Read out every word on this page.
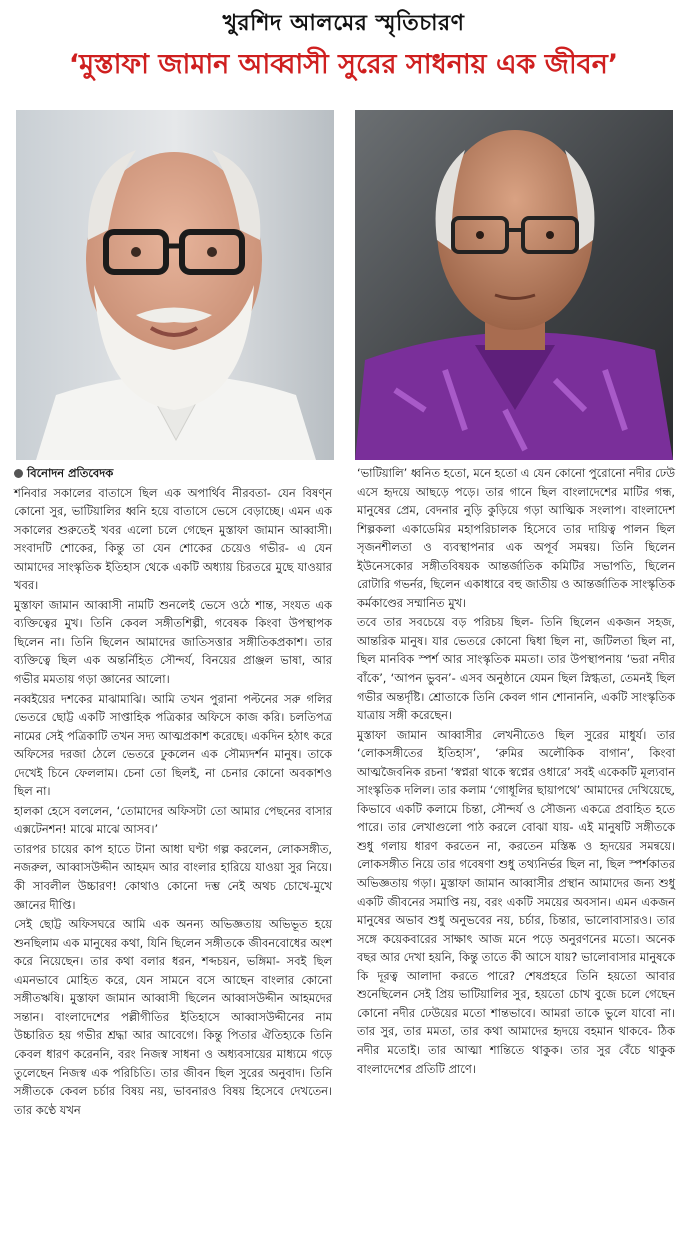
খুরশিদ আলমের স্মৃতিচারণ
‘মুস্তাফা জামান আব্বাসী সুরের সাধনায় এক জীবন’

বিনোদন প্রতিবেদক

শনিবার সকালের বাতাসে ছিল এক অপার্থিব নীরবতা- যেন বিষণ্ন কোনো সুর, ভাটিয়ালির ধ্বনি হয়ে বাতাসে ভেসে বেড়াচ্ছে। এমন এক সকালের শুরুতেই খবর এলো চলে গেছেন মুস্তাফা জামান আব্বাসী। সংবাদটি শোকের, কিন্তু তা যেন শোকের চেয়েও গভীর- এ যেন আমাদের সাংস্কৃতিক ইতিহাস থেকে একটি অধ্যায় চিরতরে মুছে যাওয়ার খবর।

মুস্তাফা জামান আব্বাসী নামটি শুনলেই ভেসে ওঠে শান্ত, সংযত এক ব্যক্তিত্বের মুখ। তিনি কেবল সঙ্গীতশিল্পী, গবেষক কিংবা উপস্থাপক ছিলেন না। তিনি ছিলেন আমাদের জাতিসত্তার সঙ্গীতিকপ্রকাশ। তার ব্যক্তিত্বে ছিল এক অন্তর্নিহিত সৌন্দর্য, বিনয়ের প্রাঞ্জল ভাষা, আর গভীর মমতায় গড়া জ্ঞানের আলো।

নব্বইয়ের দশকের মাঝামাঝি। আমি তখন পুরানা পল্টনের সরু গলির ভেতরে ছোট্ট একটি সাপ্তাহিক পত্রিকার অফিসে কাজ করি। চলতিপত্র নামের সেই পত্রিকাটি তখন সদ্য আত্মপ্রকাশ করেছে। একদিন হঠাৎ করে অফিসের দরজা ঠেলে ভেতরে ঢুকলেন এক সৌম্যদর্শন মানুষ। তাকে দেখেই চিনে ফেললাম। চেনা তো ছিলই, না চেনার কোনো অবকাশও ছিল না।

হালকা হেসে বললেন, ‘তোমাদের অফিসটা তো আমার পেছনের বাসার এক্সটেনশন! মাঝে মাঝে আসব।’

তারপর চায়ের কাপ হাতে টানা আধা ঘণ্টা গল্প করলেন, লোকসঙ্গীত, নজরুল, আব্বাসউদ্দীন আহমদ আর বাংলার হারিয়ে যাওয়া সুর নিয়ে। কী সাবলীল উচ্চারণ! কোথাও কোনো দম্ভ নেই অথচ চোখে-মুখে জ্ঞানের দীপ্তি।

সেই ছোট্ট অফিসঘরে আমি এক অনন্য অভিজ্ঞতায় অভিভূত হয়ে শুনছিলাম এক মানুষের কথা, যিনি ছিলেন সঙ্গীতকে জীবনবোধের অংশ করে নিয়েছেন। তার কথা বলার ধরন, শব্দচয়ন, ভঙ্গিমা- সবই ছিল এমনভাবে মোহিত করে, যেন সামনে বসে আছেন বাংলার কোনো সঙ্গীতঋষি। মুস্তাফা জামান আব্বাসী ছিলেন আব্বাসউদ্দীন আহমদের সন্তান। বাংলাদেশের পল্লীগীতির ইতিহাসে আব্বাসউদ্দীনের নাম উচ্চারিত হয় গভীর শ্রদ্ধা আর আবেগে। কিন্তু পিতার ঐতিহ্যকে তিনি কেবল ধারণ করেননি, বরং নিজস্ব সাধনা ও অধ্যবসায়ের মাধ্যমে গড়ে তুলেছেন নিজস্ব এক পরিচিতি। তার জীবন ছিল সুরের অনুবাদ। তিনি সঙ্গীতকে কেবল চর্চার বিষয় নয়, ভাবনারও বিষয় হিসেবে দেখতেন। তার কণ্ঠে যখন

‘ভাটিয়ালি’ ধ্বনিত হতো, মনে হতো এ যেন কোনো পুরোনো নদীর ঢেউ এসে হৃদয়ে আছড়ে পড়ে। তার গানে ছিল বাংলাদেশের মাটির গন্ধ, মানুষের প্রেম, বেদনার নুড়ি কুড়িয়ে গড়া আত্মিক সংলাপ। বাংলাদেশ শিল্পকলা একাডেমির মহাপরিচালক হিসেবে তার দায়িত্ব পালন ছিল সৃজনশীলতা ও ব্যবস্থাপনার এক অপূর্ব সমন্বয়। তিনি ছিলেন ইউনেসকোর সঙ্গীতবিষয়ক আন্তর্জাতিক কমিটির সভাপতি, ছিলেন রোটারি গভর্নর, ছিলেন একাধারে বহু জাতীয় ও আন্তর্জাতিক সাংস্কৃতিক কর্মকাণ্ডের সম্মানিত মুখ।

তবে তার সবচেয়ে বড় পরিচয় ছিল- তিনি ছিলেন একজন সহজ, আন্তরিক মানুষ। যার ভেতরে কোনো দ্বিধা ছিল না, জটিলতা ছিল না, ছিল মানবিক স্পর্শ আর সাংস্কৃতিক মমতা। তার উপস্থাপনায় ‘ভরা নদীর বাঁকে’, ‘আপন ভুবন’- এসব অনুষ্ঠানে যেমন ছিল স্নিগ্ধতা, তেমনই ছিল গভীর অন্তর্দৃষ্টি। শ্রোতাকে তিনি কেবল গান শোনাননি, একটি সাংস্কৃতিক যাত্রায় সঙ্গী করেছেন।

মুস্তাফা জামান আব্বাসীর লেখনীতেও ছিল সুরের মাধুর্য। তার ‘লোকসঙ্গীতের ইতিহাস’, ‘রুমির অলৌকিক বাগান’, কিংবা আত্মজৈবনিক রচনা ‘স্বপ্নরা থাকে স্বপ্নের ওধারে’ সবই একেকটি মূল্যবান সাংস্কৃতিক দলিল। তার কলাম ‘গোধূলির ছায়াপথে’ আমাদের দেখিয়েছে, কিভাবে একটি কলামে চিন্তা, সৌন্দর্য ও সৌজন্য একত্রে প্রবাহিত হতে পারে। তার লেখাগুলো পাঠ করলে বোঝা যায়- এই মানুষটি সঙ্গীতকে শুধু গলায় ধারণ করতেন না, করতেন মস্তিষ্ক ও হৃদয়ের সমন্বয়ে। লোকসঙ্গীত নিয়ে তার গবেষণা শুধু তথ্যনির্ভর ছিল না, ছিল স্পর্শকাতর অভিজ্ঞতায় গড়া। মুস্তাফা জামান আব্বাসীর প্রস্থান আমাদের জন্য শুধু একটি জীবনের সমাপ্তি নয়, বরং একটি সময়ের অবসান। এমন একজন মানুষের অভাব শুধু অনুভবের নয়, চর্চার, চিন্তার, ভালোবাসারও। তার সঙ্গে কয়েকবারের সাক্ষাৎ আজ মনে পড়ে অনুরণনের মতো। অনেক বছর আর দেখা হয়নি, কিন্তু তাতে কী আসে যায়? ভালোবাসার মানুষকে কি দূরত্ব আলাদা করতে পারে? শেষপ্রহরে তিনি হয়তো আবার শুনেছিলেন সেই প্রিয় ভাটিয়ালির সুর, হয়তো চোখ বুজে চলে গেছেন কোনো নদীর ঢেউয়ের মতো শান্তভাবে। আমরা তাকে ভুলে যাবো না। তার সুর, তার মমতা, তার কথা আমাদের হৃদয়ে বহমান থাকবে- ঠিক নদীর মতোই। তার আত্মা শান্তিতে থাকুক। তার সুর বেঁচে থাকুক বাংলাদেশের প্রতিটি প্রাণে।
